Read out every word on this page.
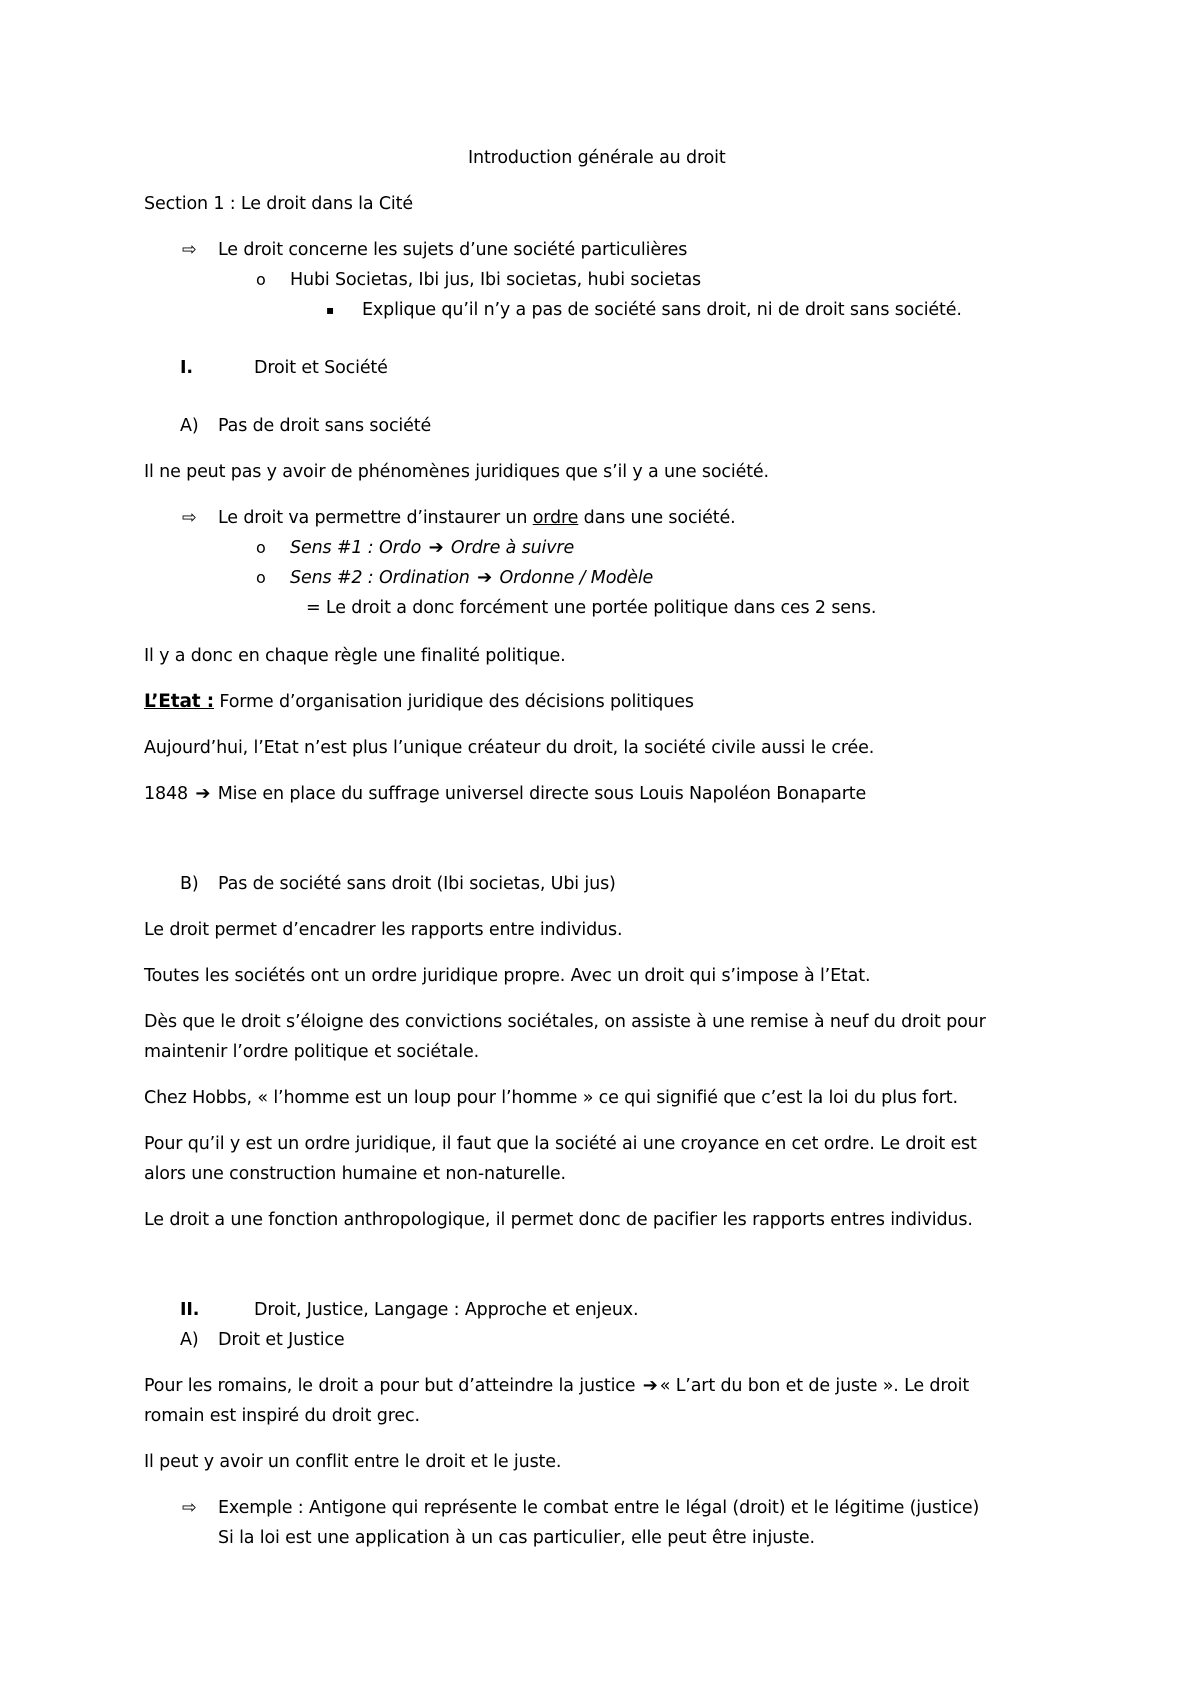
Introduction générale au droit
Section 1 : Le droit dans la Cité
⇨ Le droit concerne les sujets d’une société particulières
o Hubi Societas, Ibi jus, Ibi societas, hubi societas
▪ Explique qu’il n’y a pas de société sans droit, ni de droit sans société.
I.	Droit et Société
A) Pas de droit sans société
Il ne peut pas y avoir de phénomènes juridiques que s’il y a une société.
⇨ Le droit va permettre d’instaurer un ordre dans une société.
o Sens #1 : Ordo ➔ Ordre à suivre
o Sens #2 : Ordination ➔ Ordonne / Modèle
= Le droit a donc forcément une portée politique dans ces 2 sens.
Il y a donc en chaque règle une finalité politique.
L’Etat : Forme d’organisation juridique des décisions politiques
Aujourd’hui, l’Etat n’est plus l’unique créateur du droit, la société civile aussi le crée.
1848 ➔ Mise en place du suffrage universel directe sous Louis Napoléon Bonaparte
B) Pas de société sans droit (Ibi societas, Ubi jus)
Le droit permet d’encadrer les rapports entre individus.
Toutes les sociétés ont un ordre juridique propre. Avec un droit qui s’impose à l’Etat.
Dès que le droit s’éloigne des convictions sociétales, on assiste à une remise à neuf du droit pour
maintenir l’ordre politique et sociétale.
Chez Hobbs, « l’homme est un loup pour l’homme » ce qui signifié que c’est la loi du plus fort.
Pour qu’il y est un ordre juridique, il faut que la société ai une croyance en cet ordre. Le droit est
alors une construction humaine et non-naturelle.
Le droit a une fonction anthropologique, il permet donc de pacifier les rapports entres individus.
II.	Droit, Justice, Langage : Approche et enjeux.
A) Droit et Justice
Pour les romains, le droit a pour but d’atteindre la justice ➔ « L’art du bon et de juste ». Le droit
romain est inspiré du droit grec.
Il peut y avoir un conflit entre le droit et le juste.
⇨ Exemple : Antigone qui représente le combat entre le légal (droit) et le légitime (justice)
Si la loi est une application à un cas particulier, elle peut être injuste.
